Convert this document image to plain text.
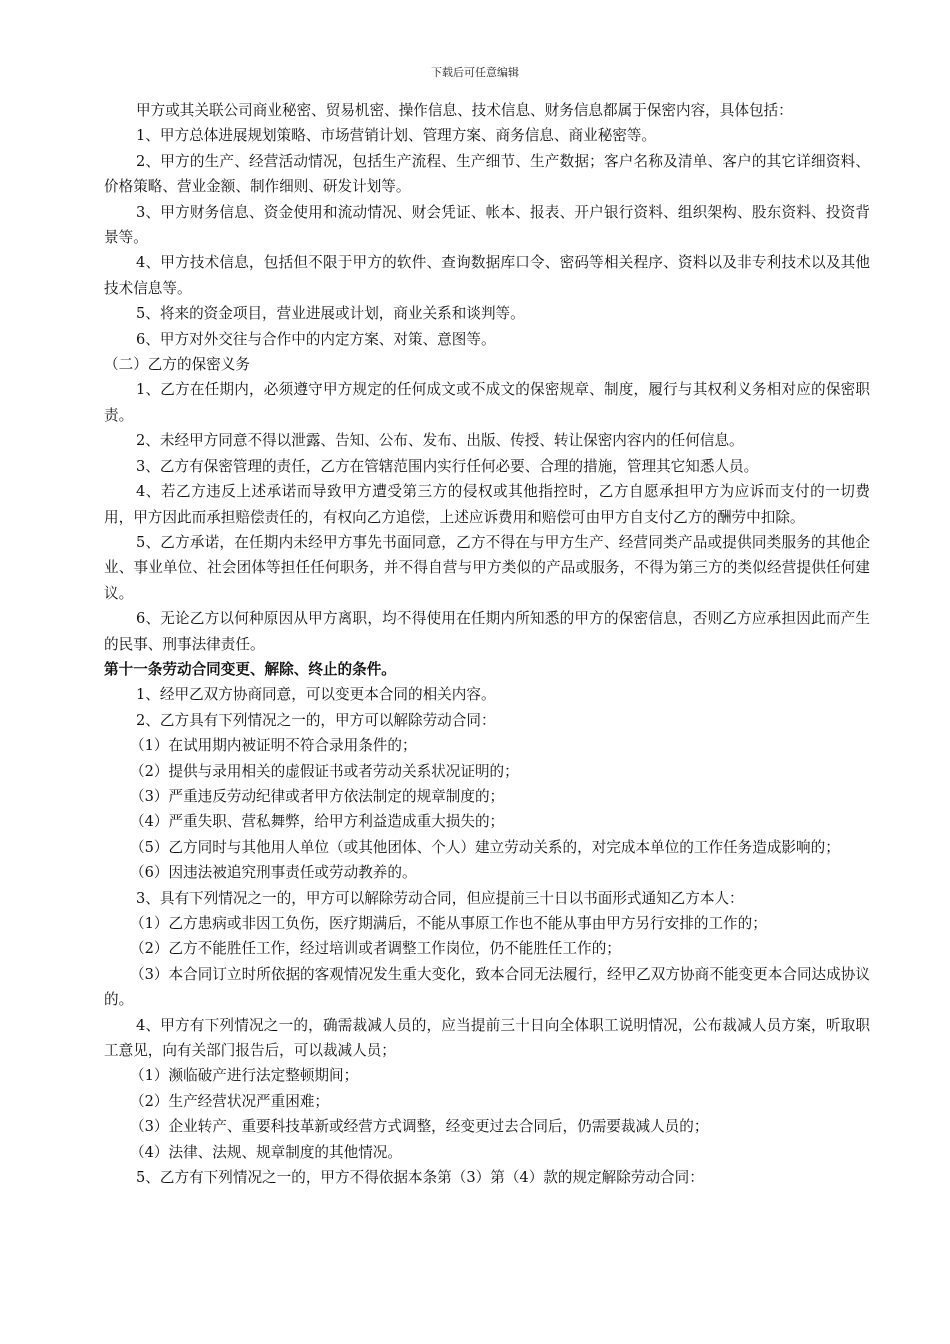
下载后可任意编辑

甲方或其关联公司商业秘密、贸易机密、操作信息、技术信息、财务信息都属于保密内容，具体包括：

1、甲方总体进展规划策略、市场营销计划、管理方案、商务信息、商业秘密等。

2、甲方的生产、经营活动情况，包括生产流程、生产细节、生产数据；客户名称及清单、客户的其它详细资料、价格策略、营业金额、制作细则、研发计划等。

3、甲方财务信息、资金使用和流动情况、财会凭证、帐本、报表、开户银行资料、组织架构、股东资料、投资背景等。

4、甲方技术信息，包括但不限于甲方的软件、查询数据库口令、密码等相关程序、资料以及非专利技术以及其他技术信息等。

5、将来的资金项目，营业进展或计划，商业关系和谈判等。

6、甲方对外交往与合作中的内定方案、对策、意图等。

（二）乙方的保密义务

1、乙方在任期内，必须遵守甲方规定的任何成文或不成文的保密规章、制度，履行与其权利义务相对应的保密职责。

2、未经甲方同意不得以泄露、告知、公布、发布、出版、传授、转让保密内容内的任何信息。

3、乙方有保密管理的责任，乙方在管辖范围内实行任何必要、合理的措施，管理其它知悉人员。

4、若乙方违反上述承诺而导致甲方遭受第三方的侵权或其他指控时，乙方自愿承担甲方为应诉而支付的一切费用，甲方因此而承担赔偿责任的，有权向乙方追偿，上述应诉费用和赔偿可由甲方自支付乙方的酬劳中扣除。

5、乙方承诺，在任期内未经甲方事先书面同意，乙方不得在与甲方生产、经营同类产品或提供同类服务的其他企业、事业单位、社会团体等担任任何职务，并不得自营与甲方类似的产品或服务，不得为第三方的类似经营提供任何建议。

6、无论乙方以何种原因从甲方离职，均不得使用在任期内所知悉的甲方的保密信息，否则乙方应承担因此而产生的民事、刑事法律责任。

第十一条劳动合同变更、解除、终止的条件。

1、经甲乙双方协商同意，可以变更本合同的相关内容。

2、乙方具有下列情况之一的，甲方可以解除劳动合同：

（1）在试用期内被证明不符合录用条件的；

（2）提供与录用相关的虚假证书或者劳动关系状况证明的；

（3）严重违反劳动纪律或者甲方依法制定的规章制度的；

（4）严重失职、营私舞弊，给甲方利益造成重大损失的；

（5）乙方同时与其他用人单位（或其他团体、个人）建立劳动关系的，对完成本单位的工作任务造成影响的；

（6）因违法被追究刑事责任或劳动教养的。

3、具有下列情况之一的，甲方可以解除劳动合同，但应提前三十日以书面形式通知乙方本人：

（1）乙方患病或非因工负伤，医疗期满后，不能从事原工作也不能从事由甲方另行安排的工作的；

（2）乙方不能胜任工作，经过培训或者调整工作岗位，仍不能胜任工作的；

（3）本合同订立时所依据的客观情况发生重大变化，致本合同无法履行，经甲乙双方协商不能变更本合同达成协议的。

4、甲方有下列情况之一的，确需裁减人员的，应当提前三十日向全体职工说明情况，公布裁减人员方案，听取职工意见，向有关部门报告后，可以裁减人员；

（1）濒临破产进行法定整顿期间；

（2）生产经营状况严重困难；

（3）企业转产、重要科技革新或经营方式调整，经变更过去合同后，仍需要裁减人员的；

（4）法律、法规、规章制度的其他情况。

5、乙方有下列情况之一的，甲方不得依据本条第（3）第（4）款的规定解除劳动合同：
